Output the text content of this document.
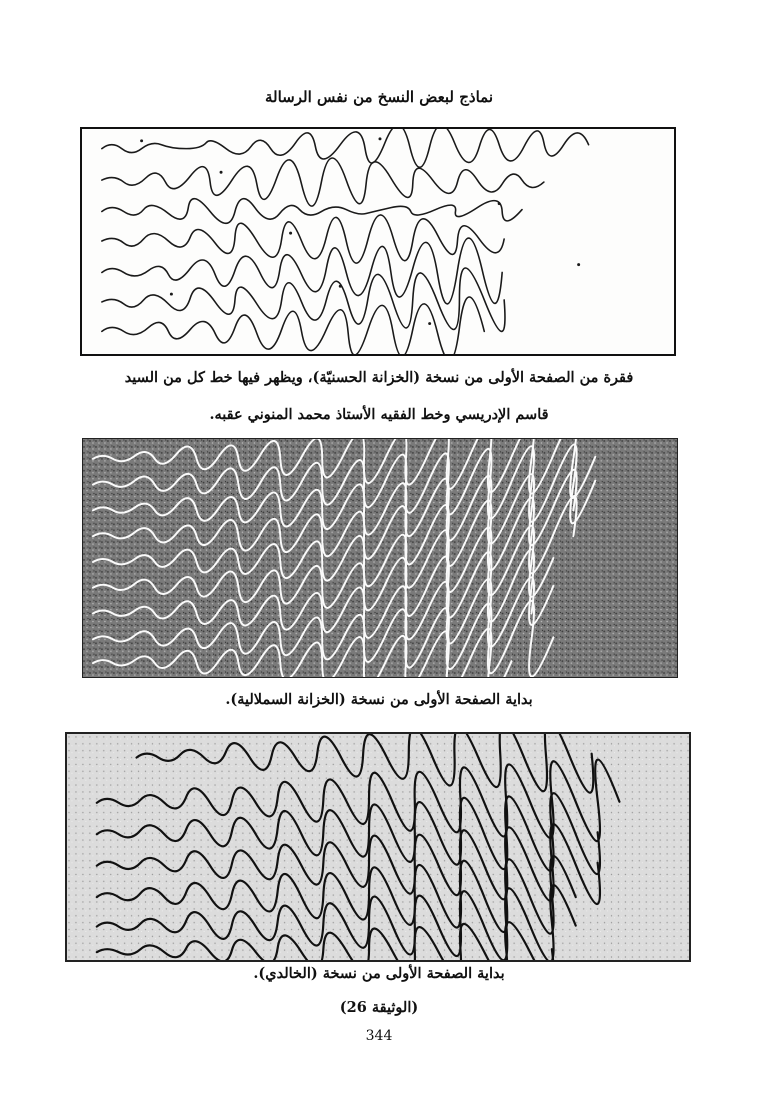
نماذج لبعض النسخ من نفس الرسالة
فقرة من الصفحة الأولى من نسخة (الخزانة الحسنيّة)، ويظهر فيها خط كل من السيد
قاسم الإدريسي وخط الفقيه الأستاذ محمد المنوني عقبه.
بداية الصفحة الأولى من نسخة (الخزانة السملالية).
بداية الصفحة الأولى من نسخة (الخالدي).
(الوثيقة 26)
344
